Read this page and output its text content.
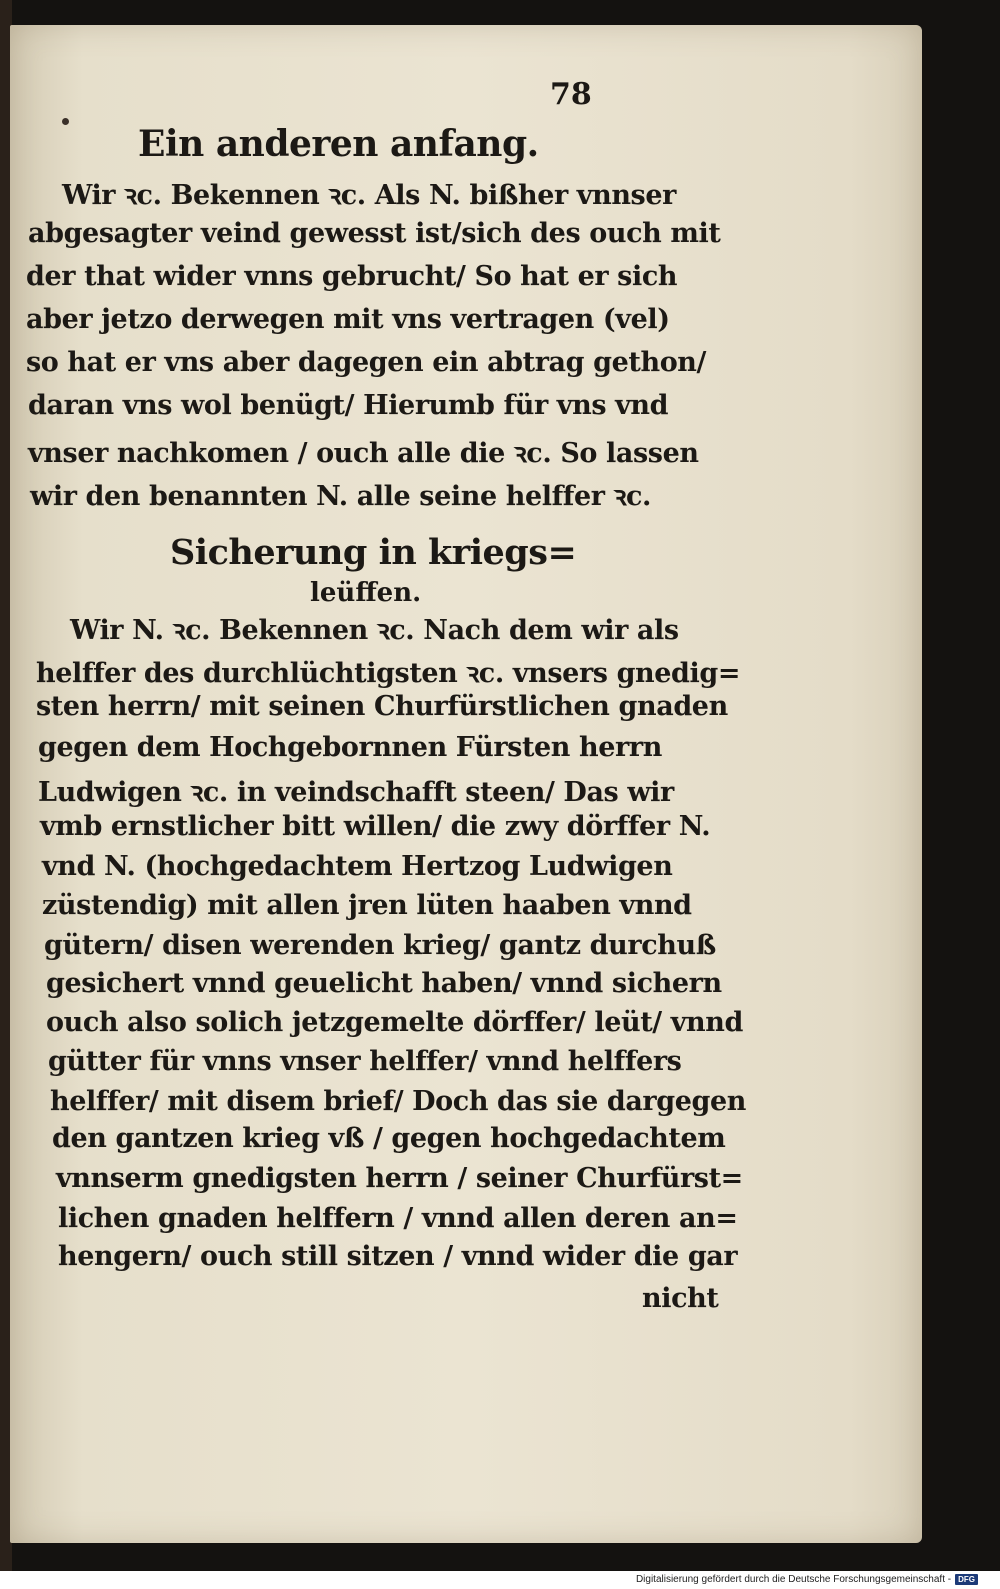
78
Ein anderen anfang.
Wir ꝛc. Bekennen ꝛc. Als N. bißher vnnser
abgesagter veind gewesst ist/sich des ouch mit
der that wider vnns gebrucht/ So hat er sich
aber jetzo derwegen mit vns vertragen (vel)
so hat er vns aber dagegen ein abtrag gethon/
daran vns wol benügt/ Hierumb für vns vnd
vnser nachkomen / ouch alle die ꝛc. So lassen
wir den benannten N. alle seine helffer ꝛc.
Sicherung in kriegs=
leüffen.
Wir N. ꝛc. Bekennen ꝛc. Nach dem wir als
helffer des durchlüchtigsten ꝛc. vnsers gnedig=
sten herrn/ mit seinen Churfürstlichen gnaden
gegen dem Hochgebornnen Fürsten herrn
Ludwigen ꝛc. in veindschafft steen/ Das wir
vmb ernstlicher bitt willen/ die zwy dörffer N.
vnd N. (hochgedachtem Hertzog Ludwigen
züstendig) mit allen jren lüten haaben vnnd
gütern/ disen werenden krieg/ gantz durchuß
gesichert vnnd geuelicht haben/ vnnd sichern
ouch also solich jetzgemelte dörffer/ leüt/ vnnd
gütter für vnns vnser helffer/ vnnd helffers
helffer/ mit disem brief/ Doch das sie dargegen
den gantzen krieg vß / gegen hochgedachtem
vnnserm gnedigsten herrn / seiner Churfürst=
lichen gnaden helffern / vnnd allen deren an=
hengern/ ouch still sitzen / vnnd wider die gar
nicht
Digitalisierung gefördert durch die Deutsche Forschungsgemeinschaft - DFG
